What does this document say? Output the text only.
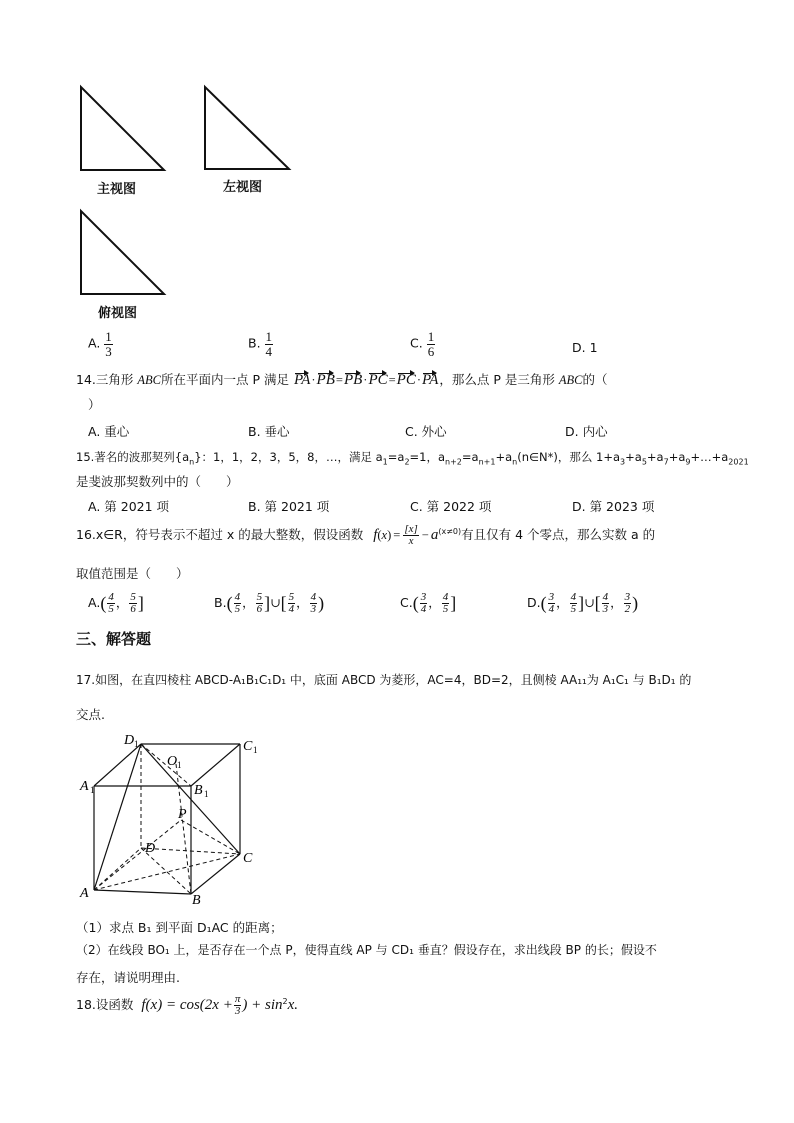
主视图	左视图
俯视图
A. $\frac{1}{3}$	B. $\frac{1}{4}$	C. $\frac{1}{6}$	D. 1
14.三角形 ABC所在平面内一点 P 满足 PA·PB=PB·PC=PC·PA，那么点 P 是三角形 ABC的（
）
A. 重心	B. 垂心	C. 外心	D. 内心
15.著名的波那契列$\{a_n\}$：1，1，2，3，5，8，…，满足 $a_1=a_2=1$，$a_{n+2}=a_{n+1}+a_n(n\in N*)$，那么 $1+a_3+a_5+a_7+a_9+\dots+a_{2021}$
是斐波那契数列中的（　　）
A. 第 2021 项	B. 第 2021 项	C. 第 2022 项	D. 第 2023 项
16.x∈R，符号表示不超过 x 的最大整数，假设函数 $f(x) = \frac{[x]}{x} - a^{(x\ne 0)}$有且仅有 4 个零点，那么实数 a 的
取值范围是（　　）
$A.( \frac{4}{5}$ ， $\frac{5}{6}$ ]	$B.( \frac{4}{5}$ ， $\frac{5}{6}$ ]∪[ $\frac{5}{4}$ ， $\frac{4}{3}$ )	$C.( \frac{3}{4}$ ， $\frac{4}{5}$ ]	$D.( \frac{3}{4}$ ， $\frac{4}{5}$ ]∪[ $\frac{4}{3}$ ， $\frac{3}{2}$ )
三、解答题
17.如图，在直四棱柱 ABCD-A₁B₁C₁D₁ 中，底面 ABCD 为菱形，AC=4，BD=2，且侧棱 AA₁₁为 A₁C₁ 与 B₁D₁ 的
交点.
D 1	C 1
O 1
A 1	B 1
P
D
C
A	B
（1）求点 B₁ 到平面 D₁AC 的距离；
（2）在线段 BO₁ 上，是否存在一个点 P，使得直线 AP 与 CD₁ 垂直？假设存在，求出线段 BP 的长；假设不
存在，请说明理由.
18.设函数 $f(x) = \cos(2x + \frac{\pi}{3}$ ) + $\sin^2x$.
